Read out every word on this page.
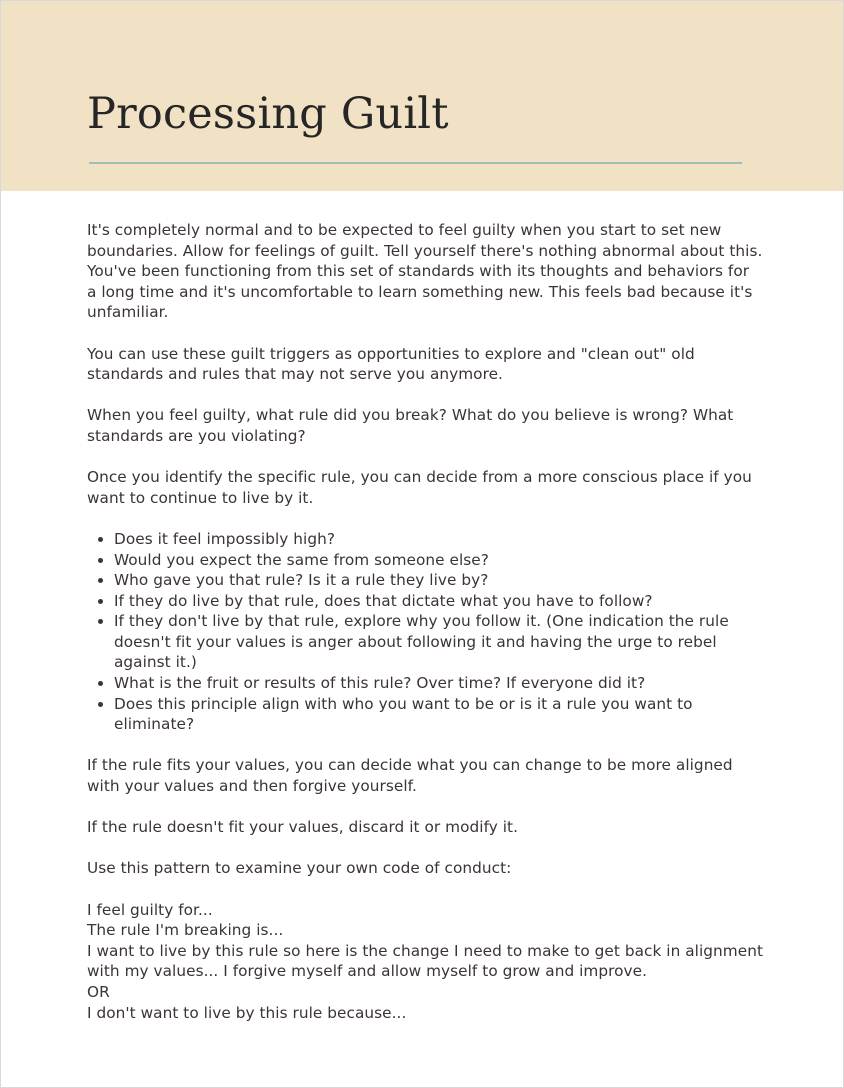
Processing Guilt

It's completely normal and to be expected to feel guilty when you start to set new boundaries. Allow for feelings of guilt. Tell yourself there's nothing abnormal about this. You've been functioning from this set of standards with its thoughts and behaviors for a long time and it's uncomfortable to learn something new. This feels bad because it's unfamiliar.

You can use these guilt triggers as opportunities to explore and "clean out" old standards and rules that may not serve you anymore.

When you feel guilty, what rule did you break? What do you believe is wrong? What standards are you violating?

Once you identify the specific rule, you can decide from a more conscious place if you want to continue to live by it.

• Does it feel impossibly high?
• Would you expect the same from someone else?
• Who gave you that rule? Is it a rule they live by?
• If they do live by that rule, does that dictate what you have to follow?
• If they don't live by that rule, explore why you follow it. (One indication the rule doesn't fit your values is anger about following it and having the urge to rebel against it.)
• What is the fruit or results of this rule? Over time? If everyone did it?
• Does this principle align with who you want to be or is it a rule you want to eliminate?

If the rule fits your values, you can decide what you can change to be more aligned with your values and then forgive yourself.

If the rule doesn't fit your values, discard it or modify it.

Use this pattern to examine your own code of conduct:

I feel guilty for...

The rule I'm breaking is...

I want to live by this rule so here is the change I need to make to get back in alignment with my values... I forgive myself and allow myself to grow and improve.

OR

I don't want to live by this rule because...
